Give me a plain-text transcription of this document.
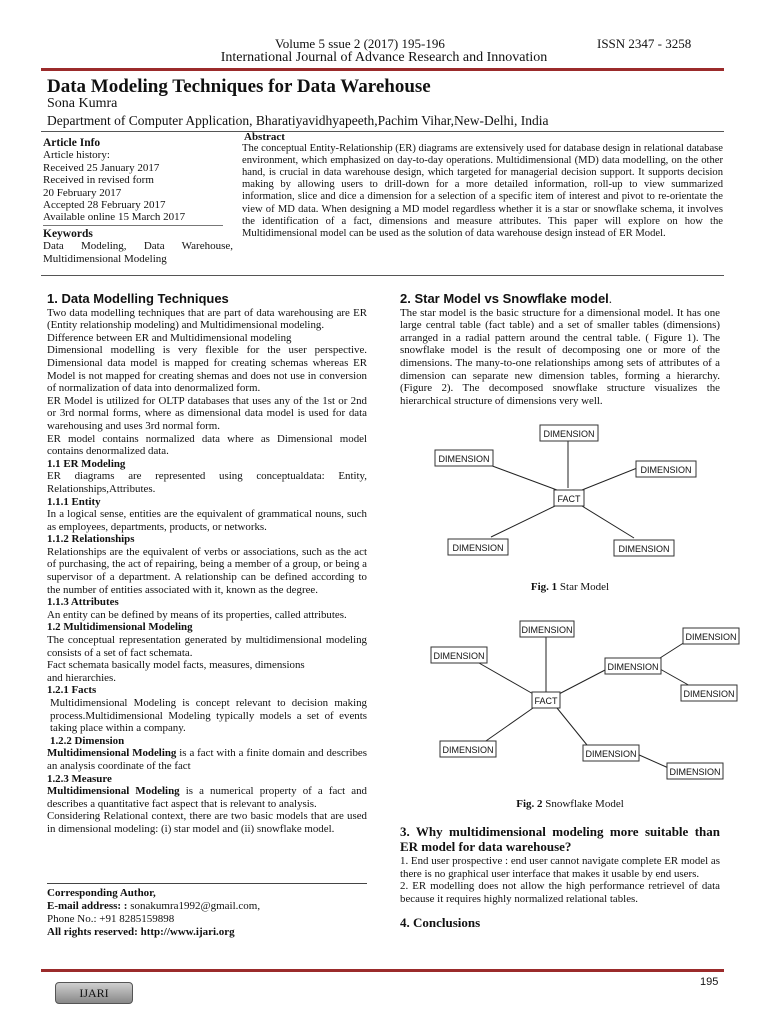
Volume 5 ssue 2 (2017) 195-196	ISSN 2347 - 3258
International Journal of Advance Research and Innovation
Data Modeling Techniques for Data Warehouse
Sona Kumra
Department of Computer Application, Bharatiyavidhyapeeth,Pachim Vihar,New-Delhi, India
Article Info
Article history:
Received 25 January 2017
Received in revised form
20 February 2017
Accepted 28 February 2017
Available online 15 March 2017
Keywords
Data Modeling, Data Warehouse, Multidimensional Modeling
Abstract
The conceptual Entity-Relationship (ER) diagrams are extensively used for database design in relational database environment, which emphasized on day-to-day operations. Multidimensional (MD) data modelling, on the other hand, is crucial in data warehouse design, which targeted for managerial decision support. It supports decision making by allowing users to drill-down for a more detailed information, roll-up to view summarized information, slice and dice a dimension for a selection of a specific item of interest and pivot to re-orientate the view of MD data. When designing a MD model regardless whether it is a star or snowflake schema, it involves the identification of a fact, dimensions and measure attributes. This paper will explore on how the Multidimensional model can be used as the solution of data warehouse design instead of ER Model.
1. Data Modelling Techniques
Two data modelling techniques that are part of data warehousing are ER (Entity relationship modeling) and Multidimensional modeling.
Difference between ER and Multidimensional modeling
Dimensional modelling is very flexible for the user perspective. Dimensional data model is mapped for creating schemas whereas ER Model is not mapped for creating shemas and does not use in conversion of normalization of data into denormalized form.
ER Model is utilized for OLTP databases that uses any of the 1st or 2nd or 3rd normal forms, where as dimensional data model is used for data warehousing and uses 3rd normal form.
ER model contains normalized data where as Dimensional model contains denormalized data.
1.1 ER Modeling
ER diagrams are represented using conceptualdata: Entity, Relationships,Attributes.
1.1.1 Entity
In a logical sense, entities are the equivalent of grammatical nouns, such as employees, departments, products, or networks.
1.1.2 Relationships
Relationships are the equivalent of verbs or associations, such as the act of purchasing, the act of repairing, being a member of a group, or being a supervisor of a department. A relationship can be defined according to the number of entities associated with it, known as the degree.
1.1.3 Attributes
An entity can be defined by means of its properties, called attributes.
1.2 Multidimensional Modeling
The conceptual representation generated by multidimensional modeling consists of a set of fact schemata.
Fact schemata basically model facts, measures, dimensions
and hierarchies.
1.2.1 Facts
Multidimensional Modeling is concept relevant to decision making process.Multidimensional Modeling typically models a set of events taking place within a company.
1.2.2 Dimension
Multidimensional Modeling is a fact with a finite domain and describes an analysis coordinate of the fact
1.2.3 Measure
Multidimensional Modeling is a numerical property of a fact and describes a quantitative fact aspect that is relevant to analysis.
Considering Relational context, there are two basic models that are used in dimensional modeling: (i) star model and (ii) snowflake model.
Corresponding Author,
E-mail address: : sonakumra1992@gmail.com,
Phone No.: +91 8285159898
All rights reserved: http://www.ijari.org
2. Star Model vs Snowflake model.
The star model is the basic structure for a dimensional model. It has one large central table (fact table) and a set of smaller tables (dimensions) arranged in a radial pattern around the central table. ( Figure 1). The snowflake model is the result of decomposing one or more of the dimensions. The many-to-one relationships among sets of attributes of a dimension can separate new dimension tables, forming a hierarchy. (Figure 2). The decomposed snowflake structure visualizes the hierarchical structure of dimensions very well.
DIMENSION
DIMENSION
DIMENSION
FACT
DIMENSION	DIMENSION
Fig. 1 Star Model
DIMENSION
DIMENSION
DIMENSION
DIMENSION
DIMENSION
FACT
DIMENSION	DIMENSION
DIMENSION
Fig. 2 Snowflake Model
3. Why multidimensional modeling more suitable than ER model for data warehouse?
1. End user prospective : end user cannot navigate complete ER model as there is no graphical user interface that makes it usable by end users.
2. ER modelling does not allow the high performance retrievel of data because it requires highly normalized relational tables.
4. Conclusions
195
IJARI
